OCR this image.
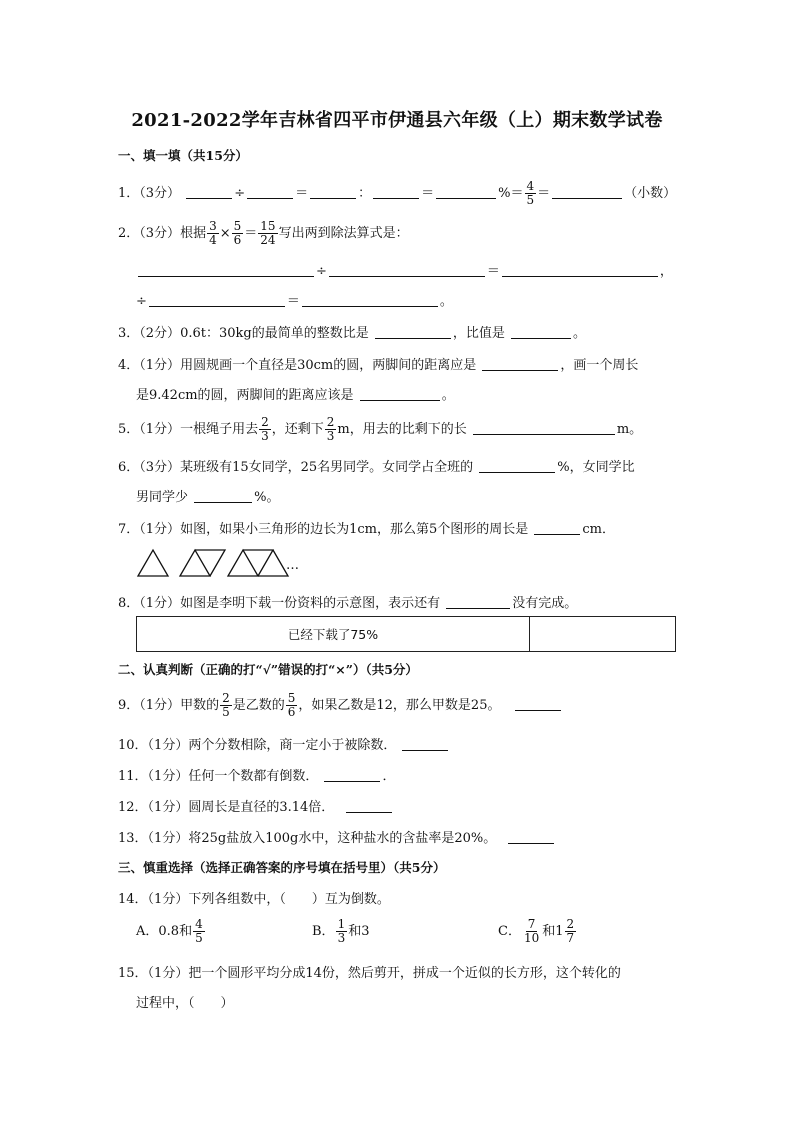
2021-2022学年吉林省四平市伊通县六年级（上）期末数学试卷
一、填一填（共15分）
1．（3分）	÷	＝	：	＝	%＝ $\frac{4}{5}$ ＝	（小数）
2．（3分）根据 $\frac{3}{4} \times \frac{5}{6} = \frac{15}{24}$ 写出两到除法算式是：
÷	＝	，
÷	＝	。
3．（2分）0.6t：30kg的最简单的整数比是	，比值是	。
4．（1分）用圆规画一个直径是30cm的圆，两脚间的距离应是	，画一个周长
是9.42cm的圆，两脚间的距离应该是	。
5．（1分）一根绳子用去 $\frac{2}{3}$ ，还剩下 $\frac{2}{3}$ m，用去的比剩下的长	m。
6．（3分）某班级有15女同学，25名男同学。女同学占全班的	%，女同学比
男同学少	%。
7．（1分）如图，如果小三角形的边长为1cm，那么第5个图形的周长是	cm．
…
8．（1分）如图是李明下载一份资料的示意图，表示还有	没有完成。
已经下载了75%
二、认真判断（正确的打“√”错误的打“×”）（共5分）
9．（1分）甲数的 $\frac{2}{5}$ 是乙数的 $\frac{5}{6}$ ，如果乙数是12，那么甲数是25。
10．（1分）两个分数相除，商一定小于被除数．
11．（1分）任何一个数都有倒数．	．
12．（1分）圆周长是直径的3.14倍．
13．（1分）将25g盐放入100g水中，这种盐水的含盐率是20%。
三、慎重选择（选择正确答案的序号填在括号里）（共5分）
14．（1分）下列各组数中，（　　）互为倒数。
A．0.8和 $\frac{4}{5}$	B． $\frac{1}{3}$ 和3	C． $\frac{7}{10}$ 和$1 \frac{2}{7}$
15．（1分）把一个圆形平均分成14份，然后剪开，拼成一个近似的长方形，这个转化的
过程中，（　　）
